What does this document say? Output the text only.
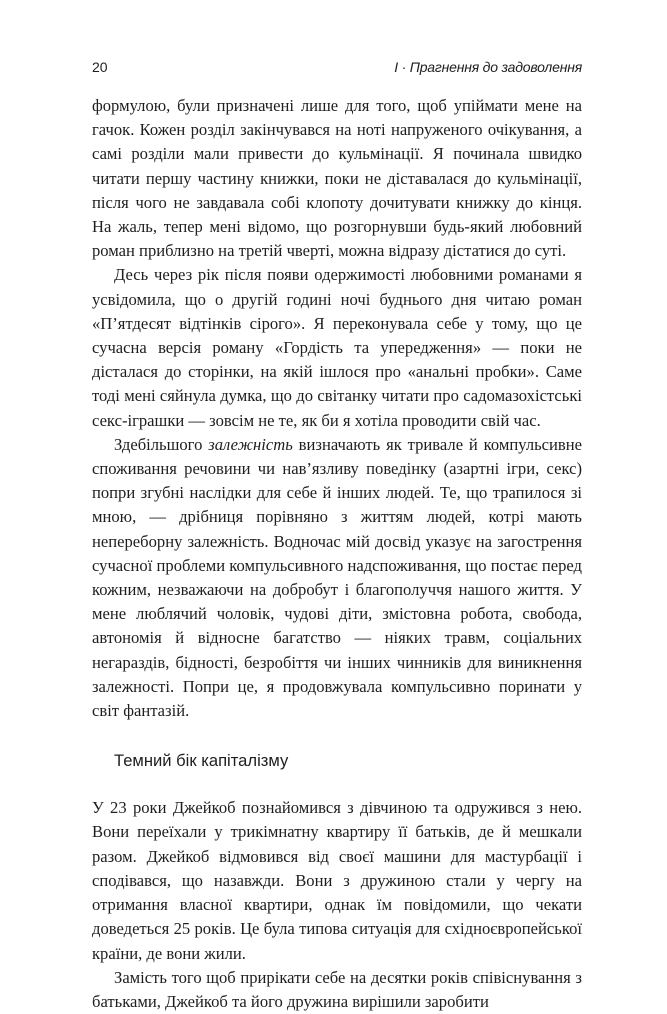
20	I · Прагнення до задоволення

формулою, були призначені лише для того, щоб упіймати мене на гачок. Кожен розділ закінчувався на ноті напруженого очікування, а самі розділи мали привести до кульмінації. Я починала швидко читати першу частину книжки, поки не діставалася до кульмінації, після чого не завдавала собі клопоту дочитувати книжку до кінця. На жаль, тепер мені відомо, що розгорнувши будь-який любовний роман приблизно на третій чверті, можна відразу дістатися до суті.

Десь через рік після появи одержимості любовними романами я усвідомила, що о другій годині ночі буднього дня читаю роман «П’ятдесят відтінків сірого». Я переконувала себе у тому, що це сучасна версія роману «Гордість та упередження» — поки не дісталася до сторінки, на якій ішлося про «анальні пробки». Саме тоді мені сяйнула думка, що до світанку читати про садомазохістські секс-іграшки — зовсім не те, як би я хотіла проводити свій час.

Здебільшого залежність визначають як тривале й компульсивне споживання речовини чи нав’язливу поведінку (азартні ігри, секс) попри згубні наслідки для себе й інших людей. Те, що трапилося зі мною, — дрібниця порівняно з життям людей, котрі мають непереборну залежність. Водночас мій досвід указує на загострення сучасної проблеми компульсивного надспоживання, що постає перед кожним, незважаючи на добробут і благополуччя нашого життя. У мене люблячий чоловік, чудові діти, змістовна робота, свобода, автономія й відносне багатство — ніяких травм, соціальних негараздів, бідності, безробіття чи інших чинників для виникнення залежності. Попри це, я продовжувала компульсивно поринати у світ фантазій.

Темний бік капіталізму

У 23 роки Джейкоб познайомився з дівчиною та одружився з нею. Вони переїхали у трикімнатну квартиру її батьків, де й мешкали разом. Джейкоб відмовився від своєї машини для мастурбації і сподівався, що назавжди. Вони з дружиною стали у чергу на отримання власної квартири, однак їм повідомили, що чекати доведеться 25 років. Це була типова ситуація для східноєвропейської країни, де вони жили.

Замість того щоб прирікати себе на десятки років співіснування з батьками, Джейкоб та його дружина вирішили заробити
